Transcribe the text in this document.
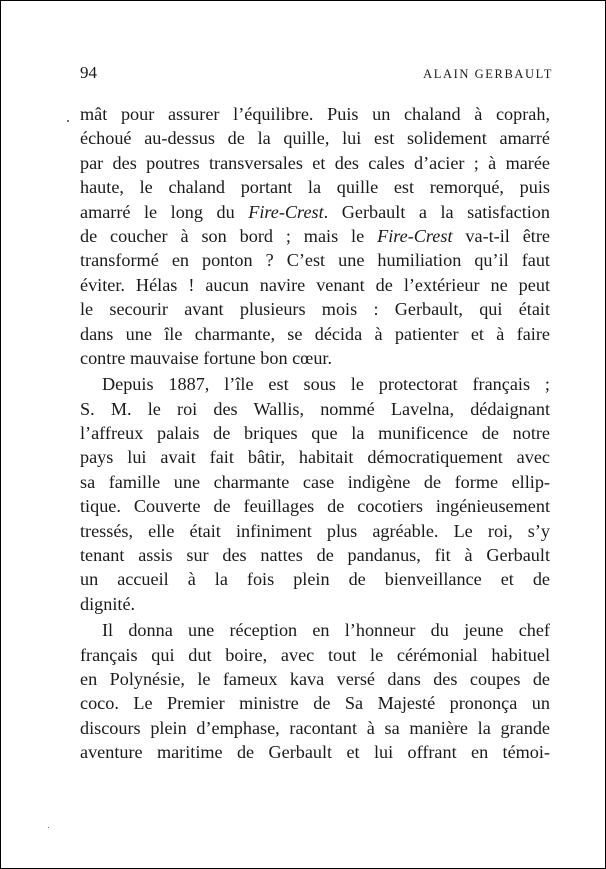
94	ALAIN GERBAULT
mât pour assurer l’équilibre. Puis un chaland à coprah,
échoué au-dessus de la quille, lui est solidement amarré
par des poutres transversales et des cales d’acier ; à marée
haute, le chaland portant la quille est remorqué, puis
amarré le long du Fire-Crest. Gerbault a la satisfaction
de coucher à son bord ; mais le Fire-Crest va-t-il être
transformé en ponton ? C’est une humiliation qu’il faut
éviter. Hélas ! aucun navire venant de l’extérieur ne peut
le secourir avant plusieurs mois : Gerbault, qui était
dans une île charmante, se décida à patienter et à faire
contre mauvaise fortune bon cœur.
Depuis 1887, l’île est sous le protectorat français ;
S. M. le roi des Wallis, nommé Lavelna, dédaignant
l’affreux palais de briques que la munificence de notre
pays lui avait fait bâtir, habitait démocratiquement avec
sa famille une charmante case indigène de forme ellip-
tique. Couverte de feuillages de cocotiers ingénieusement
tressés, elle était infiniment plus agréable. Le roi, s’y
tenant assis sur des nattes de pandanus, fit à Gerbault
un accueil à la fois plein de bienveillance et de
dignité.
Il donna une réception en l’honneur du jeune chef
français qui dut boire, avec tout le cérémonial habituel
en Polynésie, le fameux kava versé dans des coupes de
coco. Le Premier ministre de Sa Majesté prononça un
discours plein d’emphase, racontant à sa manière la grande
aventure maritime de Gerbault et lui offrant en témoi-
